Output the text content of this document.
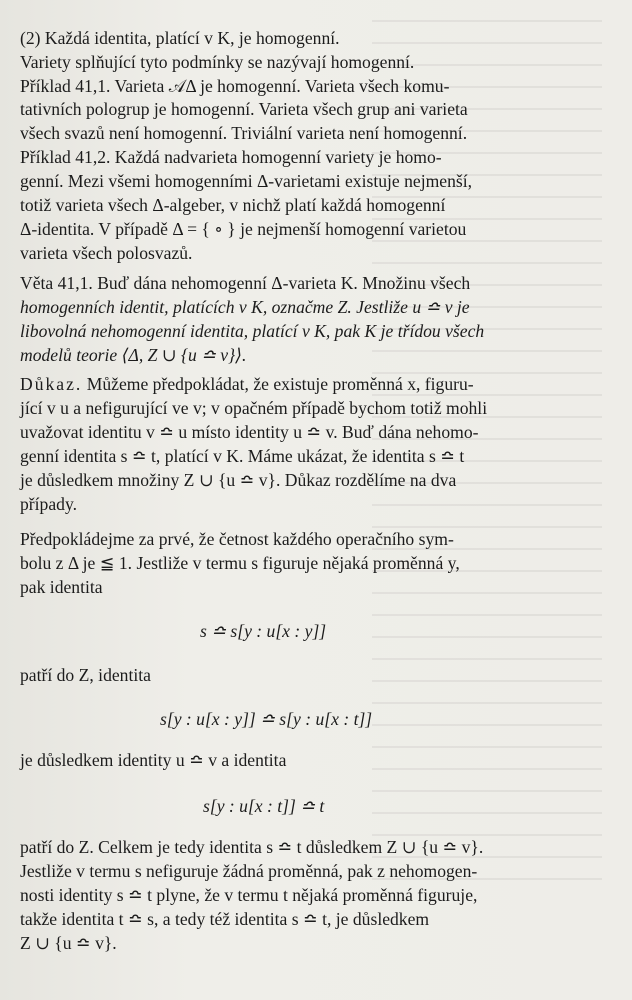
(2) Každá identita, platící v K, je homogenní.
Variety splňující tyto podmínky se nazývají homogenní.
Příklad 41,1. Varieta 𝒜Δ je homogenní. Varieta všech komu-
tativních pologrup je homogenní. Varieta všech grup ani varieta
všech svazů není homogenní. Triviální varieta není homogenní.
Příklad 41,2. Každá nadvarieta homogenní variety je homo-
genní. Mezi všemi homogenními Δ-varietami existuje nejmenší,
totiž varieta všech Δ-algeber, v nichž platí každá homogenní
Δ-identita. V případě Δ = { ∘ } je nejmenší homogenní varietou
varieta všech polosvazů.
Věta 41,1. Buď dána nehomogenní Δ-varieta K. Množinu všech
homogenních identit, platících v K, označme Z. Jestliže u ≏ v je
libovolná nehomogenní identita, platící v K, pak K je třídou všech
modelů teorie ⟨Δ, Z ∪ {u ≏ v}⟩.
Důkaz. Můžeme předpokládat, že existuje proměnná x, figuru-
jící v u a nefigurující ve v; v opačném případě bychom totiž mohli
uvažovat identitu v ≏ u místo identity u ≏ v. Buď dána nehomo-
genní identita s ≏ t, platící v K. Máme ukázat, že identita s ≏ t
je důsledkem množiny Z ∪ {u ≏ v}. Důkaz rozdělíme na dva
případy.
Předpokládejme za prvé, že četnost každého operačního sym-
bolu z Δ je ≦ 1. Jestliže v termu s figuruje nějaká proměnná y,
pak identita
s ≏ s[y : u[x : y]]
patří do Z, identita
s[y : u[x : y]] ≏ s[y : u[x : t]]
je důsledkem identity u ≏ v a identita
s[y : u[x : t]] ≏ t
patří do Z. Celkem je tedy identita s ≏ t důsledkem Z ∪ {u ≏ v}.
Jestliže v termu s nefiguruje žádná proměnná, pak z nehomogen-
nosti identity s ≏ t plyne, že v termu t nějaká proměnná figuruje,
takže identita t ≏ s, a tedy též identita s ≏ t, je důsledkem
Z ∪ {u ≏ v}.
